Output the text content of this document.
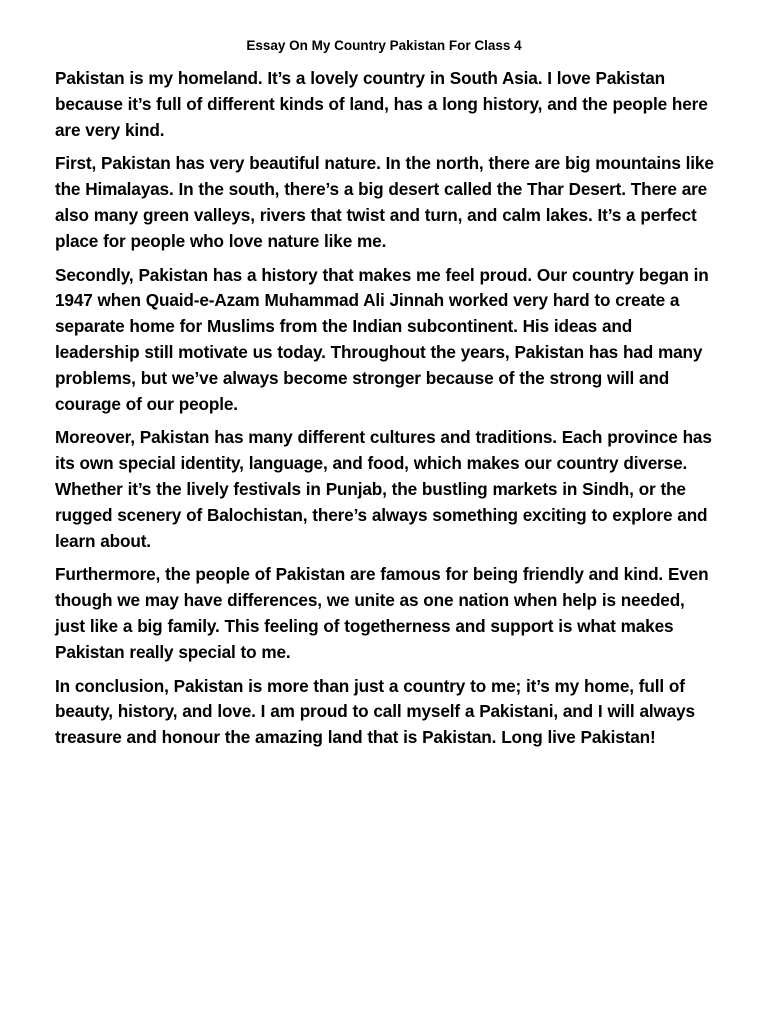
Essay On My Country Pakistan For Class 4

Pakistan is my homeland. It’s a lovely country in South Asia. I love Pakistan because it’s full of different kinds of land, has a long history, and the people here are very kind.

First, Pakistan has very beautiful nature. In the north, there are big mountains like the Himalayas. In the south, there’s a big desert called the Thar Desert. There are also many green valleys, rivers that twist and turn, and calm lakes. It’s a perfect place for people who love nature like me.

Secondly, Pakistan has a history that makes me feel proud. Our country began in 1947 when Quaid-e-Azam Muhammad Ali Jinnah worked very hard to create a separate home for Muslims from the Indian subcontinent. His ideas and leadership still motivate us today. Throughout the years, Pakistan has had many problems, but we’ve always become stronger because of the strong will and courage of our people.

Moreover, Pakistan has many different cultures and traditions. Each province has its own special identity, language, and food, which makes our country diverse. Whether it’s the lively festivals in Punjab, the bustling markets in Sindh, or the rugged scenery of Balochistan, there’s always something exciting to explore and learn about.

Furthermore, the people of Pakistan are famous for being friendly and kind. Even though we may have differences, we unite as one nation when help is needed, just like a big family. This feeling of togetherness and support is what makes Pakistan really special to me.

In conclusion, Pakistan is more than just a country to me; it’s my home, full of beauty, history, and love. I am proud to call myself a Pakistani, and I will always treasure and honour the amazing land that is Pakistan. Long live Pakistan!
